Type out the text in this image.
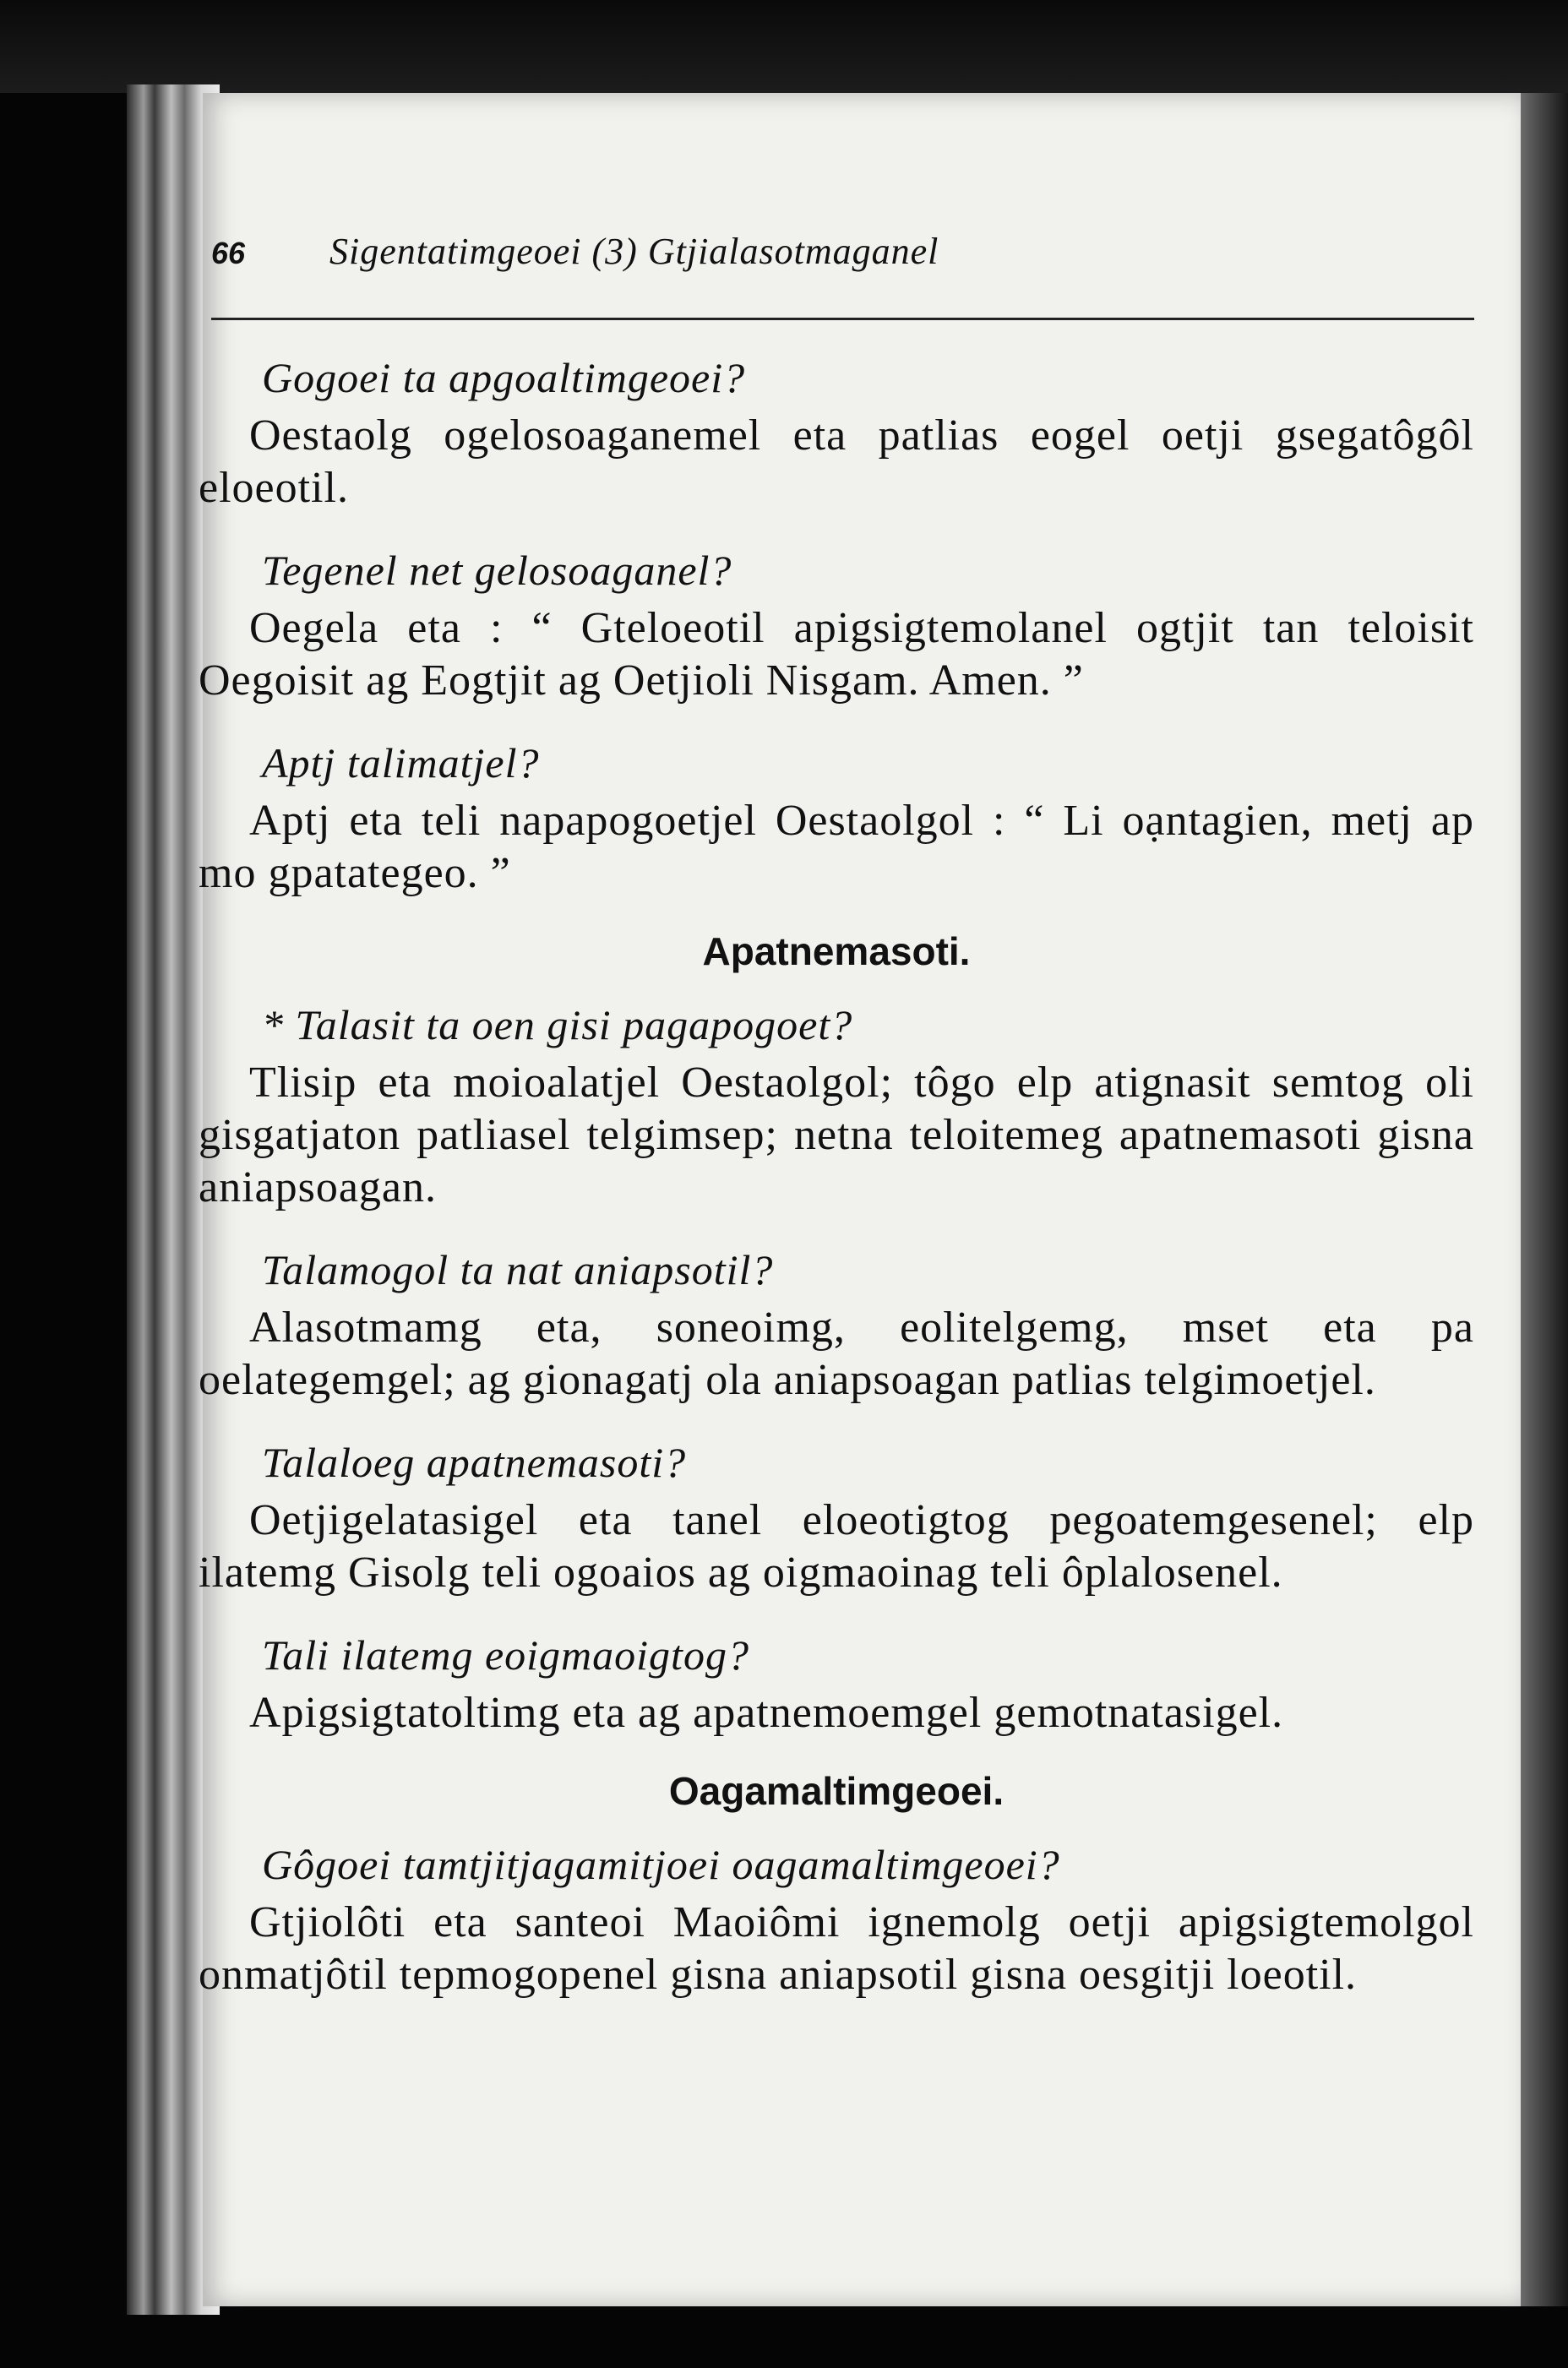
66 Sigentatimgeoei (3) Gtjialasotmaganel
Gogoei ta apgoaltimgeoei?
Oestaolg ogelosoaganemel eta patlias eogel oetji gsegatôgôl eloeotil.
Tegenel net gelosoaganel?
Oegela eta : “ Gteloeotil apigsigtemolanel ogtjit tan teloisit Oegoisit ag Eogtjit ag Oetjioli Nisgam. Amen. ”
Aptj talimatjel?
Aptj eta teli napapogoetjel Oestaolgol : “ Li oạntagien, metj ap mo gpatategeo. ”
Apatnemasoti.
* Talasit ta oen gisi pagapogoet?
Tlisip eta moioalatjel Oestaolgol; tôgo elp atignasit semtog oli gisgatjaton patliasel telgimsep; netna teloitemeg apatnemasoti gisna aniapsoagan.
Talamogol ta nat aniapsotil?
Alasotmamg eta, soneoimg, eolitelgemg, mset eta pa oelategemgel; ag gionagatj ola aniapsoagan patlias telgimoetjel.
Talaloeg apatnemasoti?
Oetjigelatasigel eta tanel eloeotigtog pegoatemgesenel; elp ilatemg Gisolg teli ogoaios ag oigmaoinag teli ôplalosenel.
Tali ilatemg eoigmaoigtog?
Apigsigtatoltimg eta ag apatnemoemgel gemotnatasigel.
Oagamaltimgeoei.
Gôgoei tamtjitjagamitjoei oagamaltimgeoei?
Gtjiolôti eta santeoi Maoiômi ignemolg oetji apigsigtemolgol onmatjôtil tepmogopenel gisna aniapsotil gisna oesgitji loeotil.
